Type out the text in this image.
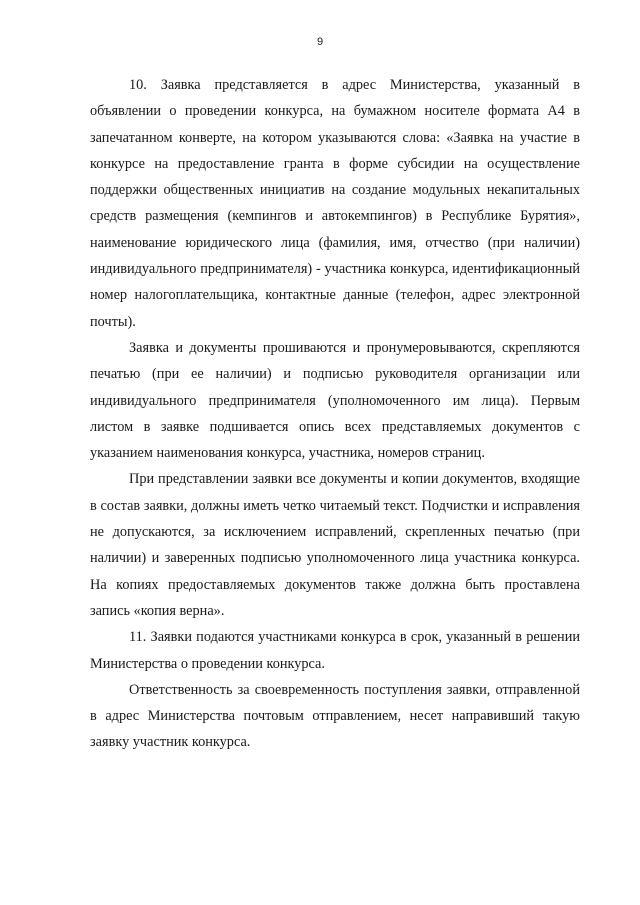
9

10. Заявка представляется в адрес Министерства, указанный в объявлении о проведении конкурса, на бумажном носителе формата А4 в запечатанном конверте, на котором указываются слова: «Заявка на участие в конкурсе на предоставление гранта в форме субсидии на осуществление поддержки общественных инициатив на создание модульных некапитальных средств размещения (кемпингов и автокемпингов) в Республике Бурятия», наименование юридического лица (фамилия, имя, отчество (при наличии) индивидуального предпринимателя) - участника конкурса, идентификационный номер налогоплательщика, контактные данные (телефон, адрес электронной почты).

Заявка и документы прошиваются и пронумеровываются, скрепляются печатью (при ее наличии) и подписью руководителя организации или индивидуального предпринимателя (уполномоченного им лица). Первым листом в заявке подшивается опись всех представляемых документов с указанием наименования конкурса, участника, номеров страниц.

При представлении заявки все документы и копии документов, входящие в состав заявки, должны иметь четко читаемый текст. Подчистки и исправления не допускаются, за исключением исправлений, скрепленных печатью (при наличии) и заверенных подписью уполномоченного лица участника конкурса. На копиях предоставляемых документов также должна быть проставлена запись «копия верна».

11. Заявки подаются участниками конкурса в срок, указанный в решении Министерства о проведении конкурса.

Ответственность за своевременность поступления заявки, отправленной в адрес Министерства почтовым отправлением, несет направивший такую заявку участник конкурса.
